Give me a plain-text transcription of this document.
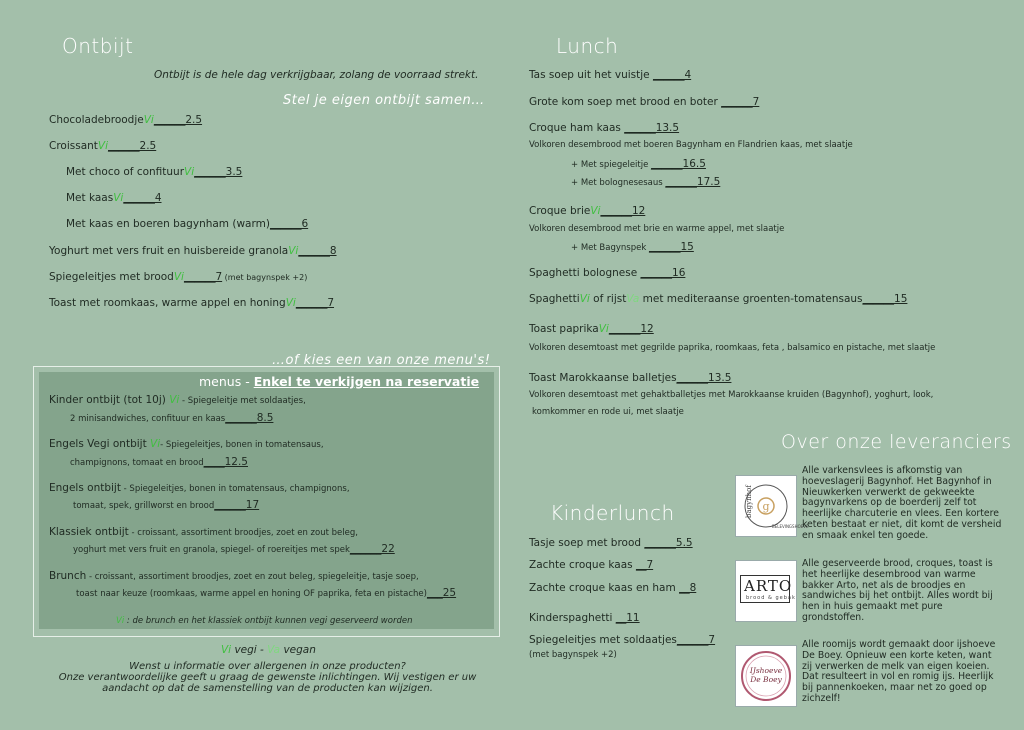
Ontbijt
Ontbijt is de hele dag verkrijgbaar, zolang de voorraad strekt.
Stel je eigen ontbijt samen…
ChocoladebroodjeVi______2.5
CroissantVi______2.5
Met choco of confituurVi______3.5
Met kaasVi______4
Met kaas en boeren bagynham (warm)______6
Yoghurt met vers fruit en huisbereide granolaVi______8
Spiegeleitjes met broodVi______7 (met bagynspek +2)
Toast met roomkaas, warme appel en honingVi______7
…of kies een van onze menu's!
menus - Enkel te verkijgen na reservatie
Kinder ontbijt (tot 10j) Vi - Spiegeleitje met soldaatjes,
2 minisandwiches, confituur en kaas______8.5
Engels Vegi ontbijt Vi- Spiegeleitjes, bonen in tomatensaus,
champignons, tomaat en brood____12.5
Engels ontbijt - Spiegeleitjes, bonen in tomatensaus, champignons,
tomaat, spek, grillworst en brood______17
Klassiek ontbijt - croissant, assortiment broodjes, zoet en zout beleg,
yoghurt met vers fruit en granola, spiegel- of roereitjes met spek______22
Brunch - croissant, assortiment broodjes, zoet en zout beleg, spiegeleitje, tasje soep,
toast naar keuze (roomkaas, warme appel en honing OF paprika, feta en pistache)___25
Vi : de brunch en het klassiek ontbijt kunnen vegi geserveerd worden
Vi vegi - Va vegan
Wenst u informatie over allergenen in onze producten?
Onze verantwoordelijke geeft u graag de gewenste inlichtingen. Wij vestigen er uw
aandacht op dat de samenstelling van de producten kan wijzigen.
Lunch
Tas soep uit het vuistje ______4
Grote kom soep met brood en boter ______7
Croque ham kaas ______13.5
Volkoren desembrood met boeren Bagynham en Flandrien kaas, met slaatje
+ Met spiegeleitje ______16.5
+ Met bolognesesaus ______17.5
Croque brieVi______12
Volkoren desembrood met brie en warme appel, met slaatje
+ Met Bagynspek ______15
Spaghetti bolognese ______16
SpaghettiVi of rijstVa met mediteraanse groenten-tomatensaus______15
Toast paprikaVi______12
Volkoren desemtoast met gegrilde paprika, roomkaas, feta , balsamico en pistache, met slaatje
Toast Marokkaanse balletjes______13.5
Volkoren desemtoast met gehaktballetjes met Marokkaanse kruiden (Bagynhof), yoghurt, look,
komkommer en rode ui, met slaatje
Kinderlunch
Tasje soep met brood ______5.5
Zachte croque kaas __7
Zachte croque kaas en ham __8
Kinderspaghetti __11
Spiegeleitjes met soldaatjes______7
(met bagynspek +2)
Over onze leveranciers
g
bagynhof
BELEVINGSHOEVE
Alle varkensvlees is afkomstig van hoeveslagerij Bagynhof. Het Bagynhof in Nieuwkerken verwerkt de gekweekte bagynvarkens op de boerderij zelf tot heerlijke charcuterie en vlees. Een kortere keten bestaat er niet, dit komt de versheid en smaak enkel ten goede.
ARTO
brood & gebak
Alle geserveerde brood, croques, toast is het heerlijke desembrood van warme bakker Arto, net als de broodjes en sandwiches bij het ontbijt. Alles wordt bij hen in huis gemaakt met pure grondstoffen.
IJshoeve
De Boey
Alle roomijs wordt gemaakt door ijshoeve De Boey. Opnieuw een korte keten, want zij verwerken de melk van eigen koeien. Dat resulteert in vol en romig ijs. Heerlijk bij pannenkoeken, maar net zo goed op zichzelf!
